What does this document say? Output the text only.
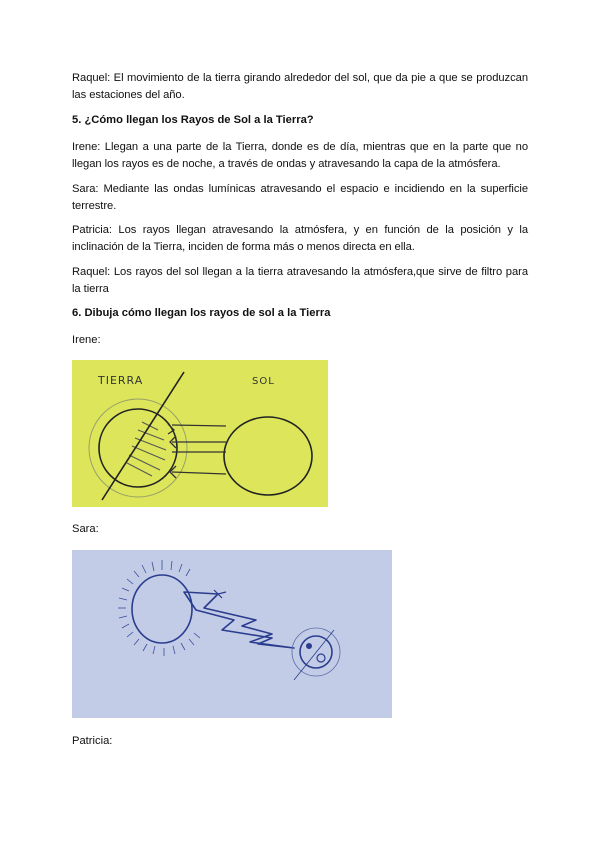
Raquel: El movimiento de la tierra girando alrededor del sol, que da pie a que se produzcan las estaciones del año.
5. ¿Cómo llegan los Rayos de Sol a la Tierra?
Irene: Llegan a una parte de la Tierra, donde es de día, mientras que en la parte que no llegan los rayos es de noche, a través de ondas y atravesando la capa de la atmósfera.
Sara: Mediante las ondas lumínicas atravesando el espacio e incidiendo en la superficie terrestre.
Patricia: Los rayos llegan atravesando la atmósfera, y en función de la posición y la inclinación de la Tierra, inciden de forma más o menos directa en ella.
Raquel: Los rayos del sol llegan a la tierra atravesando la atmósfera,que sirve de filtro para la tierra
6. Dibuja cómo llegan los rayos de sol a la Tierra
Irene:
TIERRA	SOL
Sara:
Patricia:
